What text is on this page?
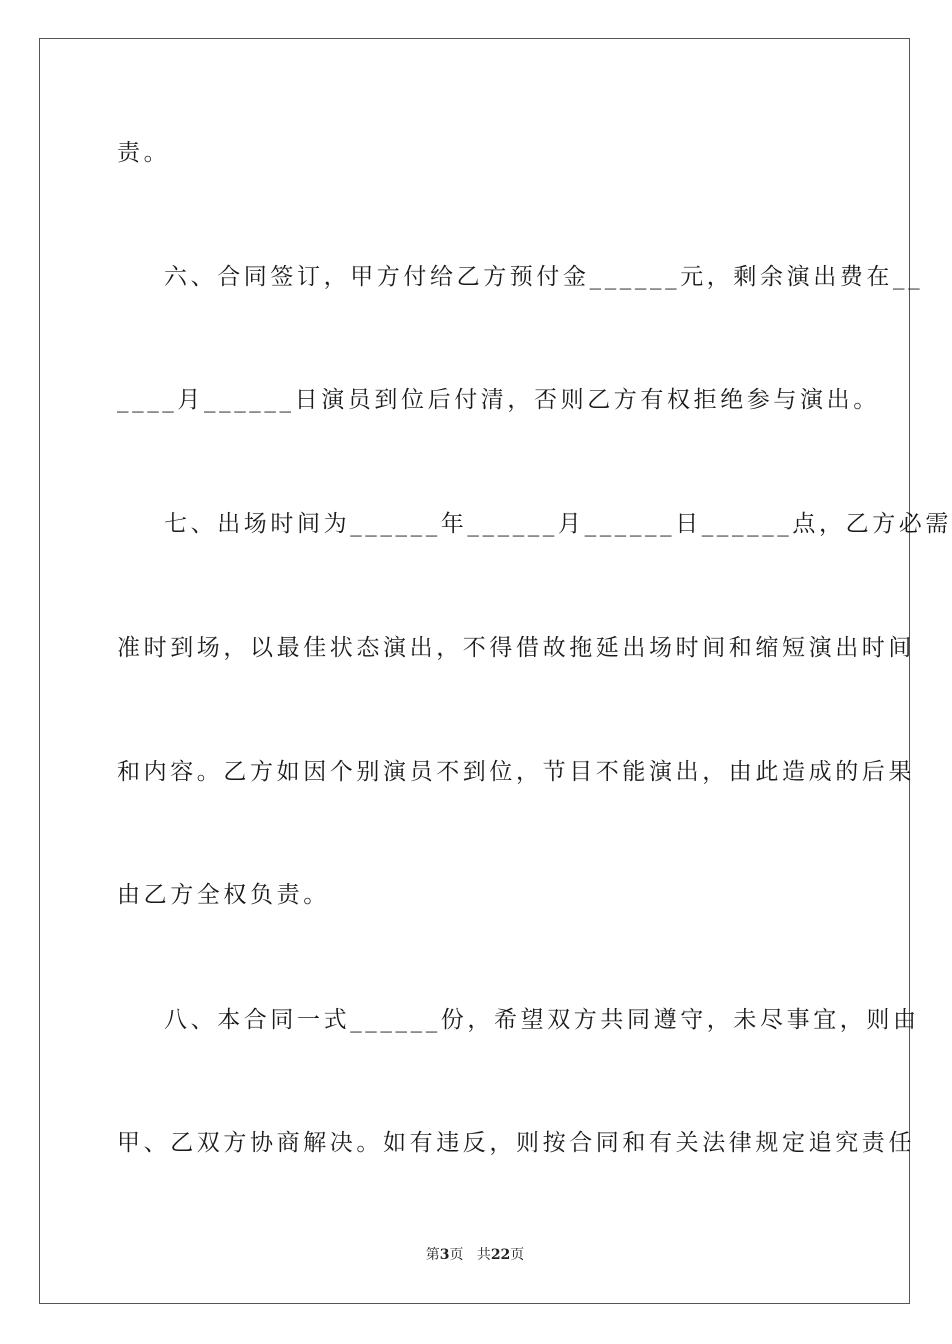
责。
六、合同签订，甲方付给乙方预付金______元，剩余演出费在__
____月______日演员到位后付清，否则乙方有权拒绝参与演出。
七、出场时间为______年______月______日______点，乙方必需
准时到场，以最佳状态演出，不得借故拖延出场时间和缩短演出时间
和内容。乙方如因个别演员不到位，节目不能演出，由此造成的后果
由乙方全权负责。
八、本合同一式______份，希望双方共同遵守，未尽事宜，则由
甲、乙双方协商解决。如有违反，则按合同和有关法律规定追究责任
第3页 共22页
